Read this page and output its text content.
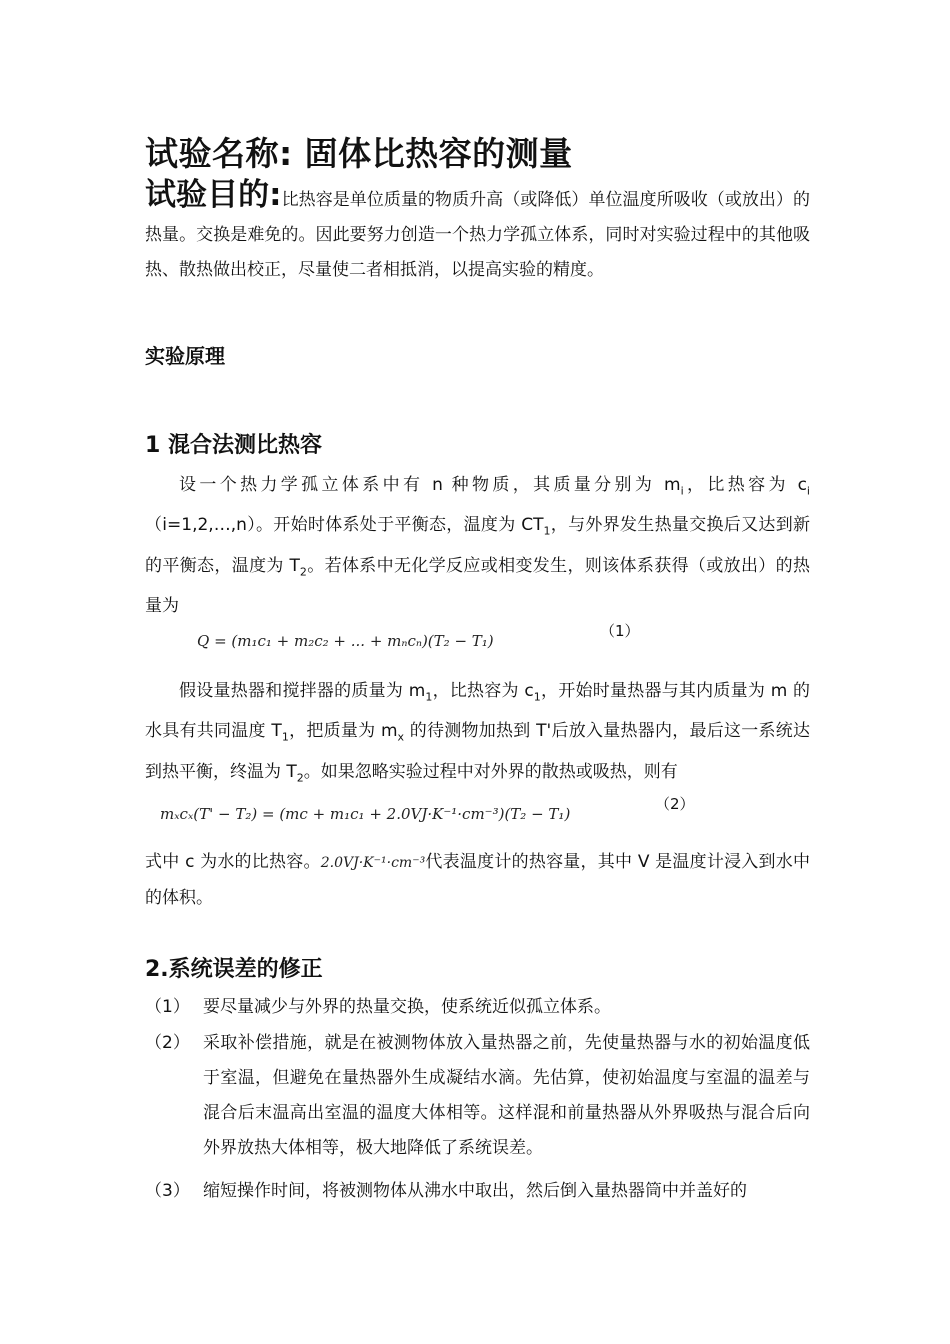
试验名称: 固体比热容的测量
试验目的:比热容是单位质量的物质升高（或降低）单位温度所吸收（或放出）的热量。交换是难免的。因此要努力创造一个热力学孤立体系，同时对实验过程中的其他吸热、散热做出校正，尽量使二者相抵消，以提高实验的精度。
实验原理
1 混合法测比热容
设一个热力学孤立体系中有 n 种物质，其质量分别为 $m_i$，比热容为 $c_i(i=1,2,\dots,n)$。开始时体系处于平衡态，温度为 $CT_1$，与外界发生热量交换后又达到新的平衡态，温度为 $T_2$。若体系中无化学反应或相变发生，则该体系获得（或放出）的热量为
Q = (m₁c₁ + m₂c₂ + ... + mₙcₙ)(T₂ − T₁)
（1）
假设量热器和搅拌器的质量为 $m_1$，比热容为 $c_1$，开始时量热器与其内质量为 m 的水具有共同温度 $T_1$，把质量为 $m_x$ 的待测物加热到 T'后放入量热器内，最后这一系统达到热平衡，终温为 $T_2$。如果忽略实验过程中对外界的散热或吸热，则有
mₓcₓ(T' − T₂) = (mc + m₁c₁ + 2.0VJ·K⁻¹·cm⁻³)(T₂ − T₁)
（2）
式中 c 为水的比热容。2.0VJ·K⁻¹·cm⁻³代表温度计的热容量，其中 V 是温度计浸入到水中的体积。
2.系统误差的修正
（1） 要尽量减少与外界的热量交换，使系统近似孤立体系。
（2） 采取补偿措施，就是在被测物体放入量热器之前，先使量热器与水的初始温度低于室温，但避免在量热器外生成凝结水滴。先估算，使初始温度与室温的温差与混合后末温高出室温的温度大体相等。这样混和前量热器从外界吸热与混合后向外界放热大体相等，极大地降低了系统误差。
（3） 缩短操作时间，将被测物体从沸水中取出，然后倒入量热器筒中并盖好的
